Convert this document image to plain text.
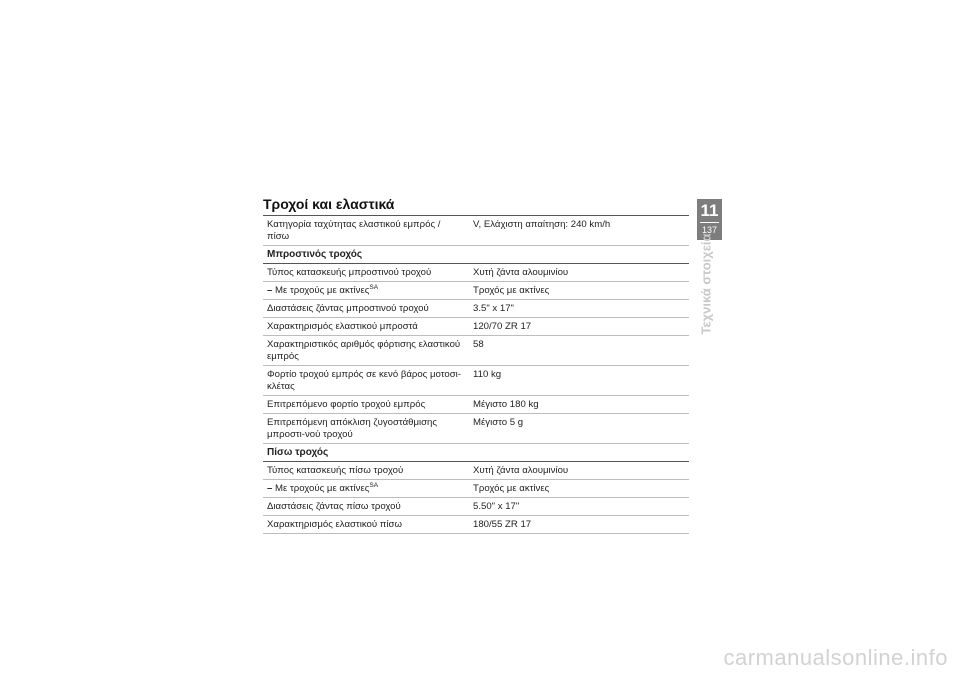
Τροχοί και ελαστικά
Κατηγορία ταχύτητας ελαστικού εμπρός / πίσω	V, Ελάχιστη απαίτηση: 240 km/h
Μπροστινός τροχός	
Τύπος κατασκευής μπροστινού τροχού	Χυτή ζάντα αλουμινίου
– Με τροχούς με ακτίνες$^{SA}$	Τροχός με ακτίνες
Διαστάσεις ζάντας μπροστινού τροχού	3.5" x 17"
Χαρακτηρισμός ελαστικού μπροστά	120/70 ZR 17
Χαρακτηριστικός αριθμός φόρτισης ελαστικού εμπρός	58
Φορτίο τροχού εμπρός σε κενό βάρος μοτοσι-κλέτας	110 kg
Επιτρεπόμενο φορτίο τροχού εμπρός	Μέγιστο 180 kg
Επιτρεπόμενη απόκλιση ζυγοστάθμισης μπροστι-νού τροχού	Μέγιστο 5 g
Πίσω τροχός	
Τύπος κατασκευής πίσω τροχού	Χυτή ζάντα αλουμινίου
– Με τροχούς με ακτίνες$^{SA}$	Τροχός με ακτίνες
Διαστάσεις ζάντας πίσω τροχού	5.50" x 17"
Χαρακτηρισμός ελαστικού πίσω	180/55 ZR 17
11
137
Τεχνικά στοιχεία
carmanualsonline.info
